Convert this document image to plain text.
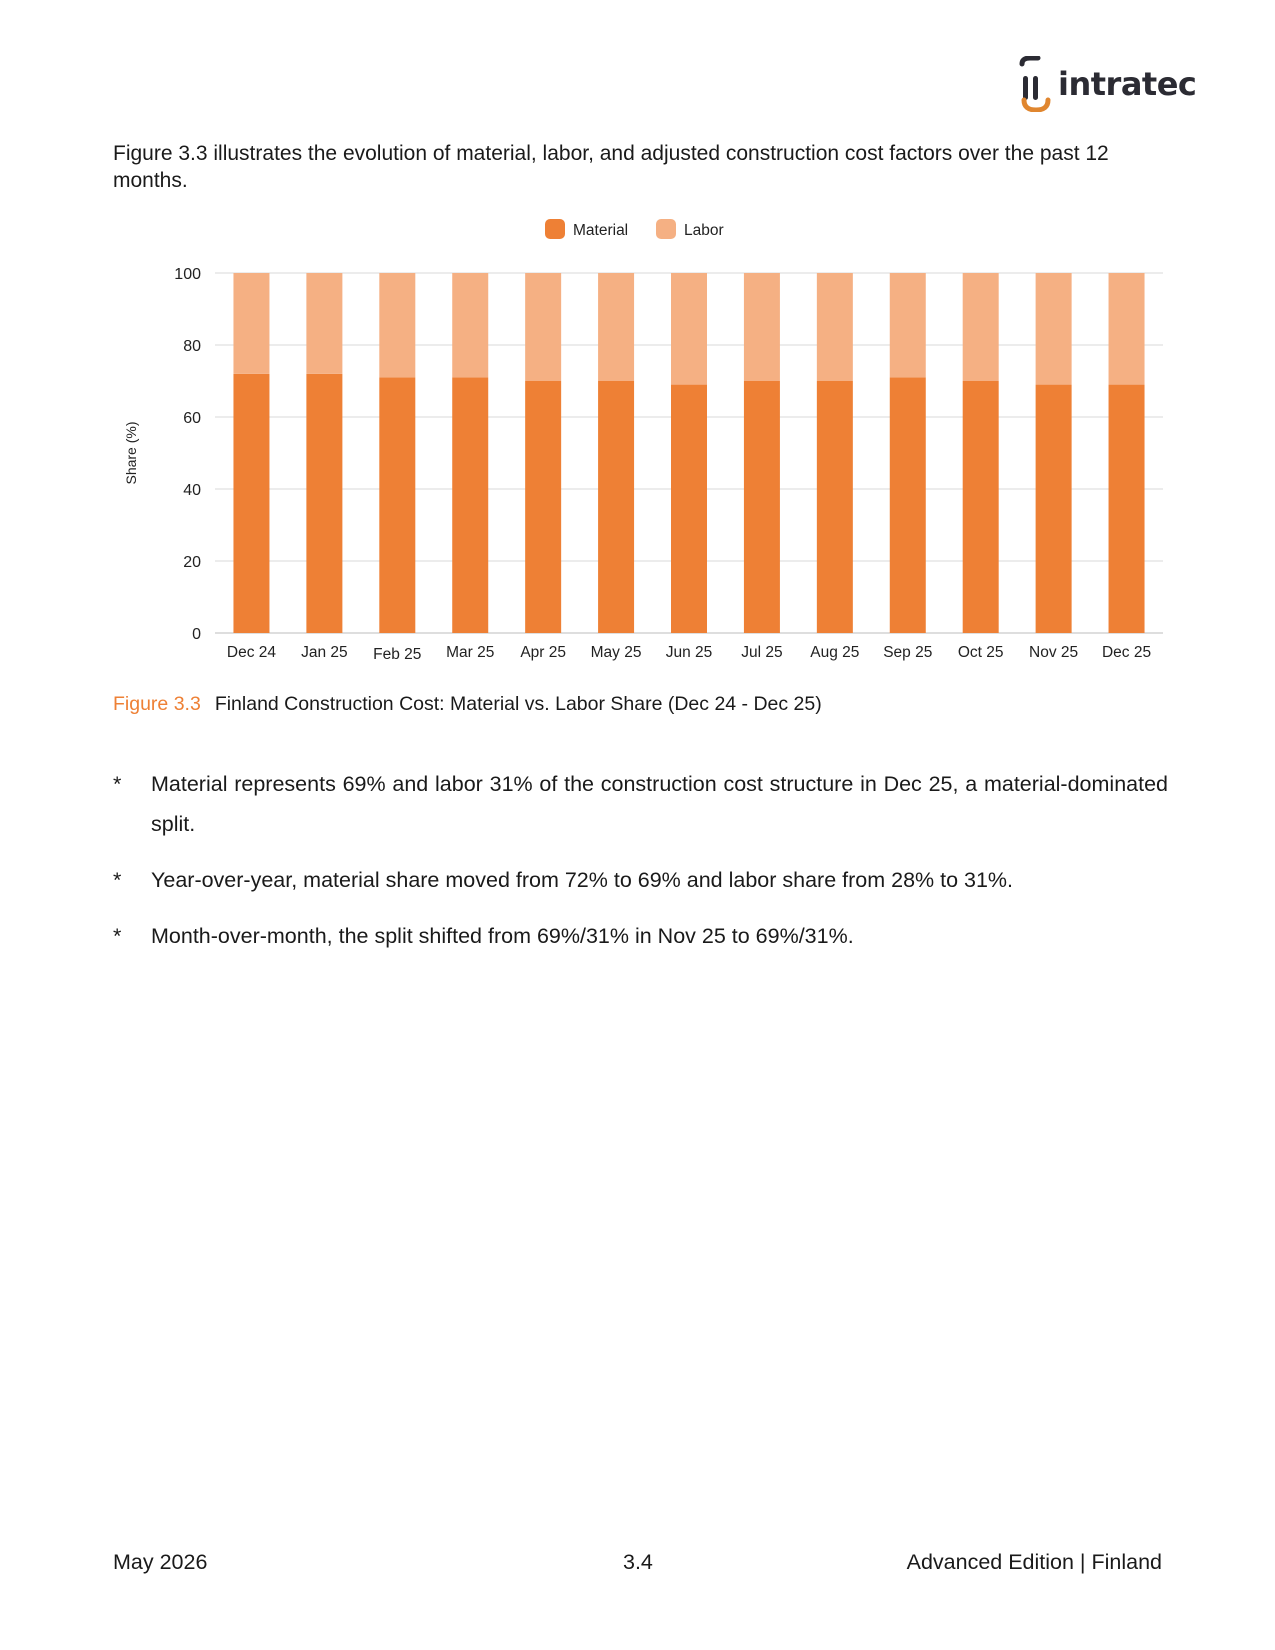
intratec

Figure 3.3 illustrates the evolution of material, labor, and adjusted construction cost factors over the past 12 months.

0
20
40
60
80
100
Share (%)
Dec 24 Jan 25 Feb 25 Mar 25 Apr 25 May 25 Jun 25 Jul 25 Aug 25 Sep 25 Oct 25 Nov 25 Dec 25
Material	Labor
Figure 3.3 Finland Construction Cost: Material vs. Labor Share (Dec 24 - Dec 25)
* Material represents 69% and labor 31% of the construction cost structure in Dec 25, a material-dominated split.
* Year-over-year, material share moved from 72% to 69% and labor share from 28% to 31%.
* Month-over-month, the split shifted from 69%/31% in Nov 25 to 69%/31%.
May 2026	3.4	Advanced Edition | Finland
